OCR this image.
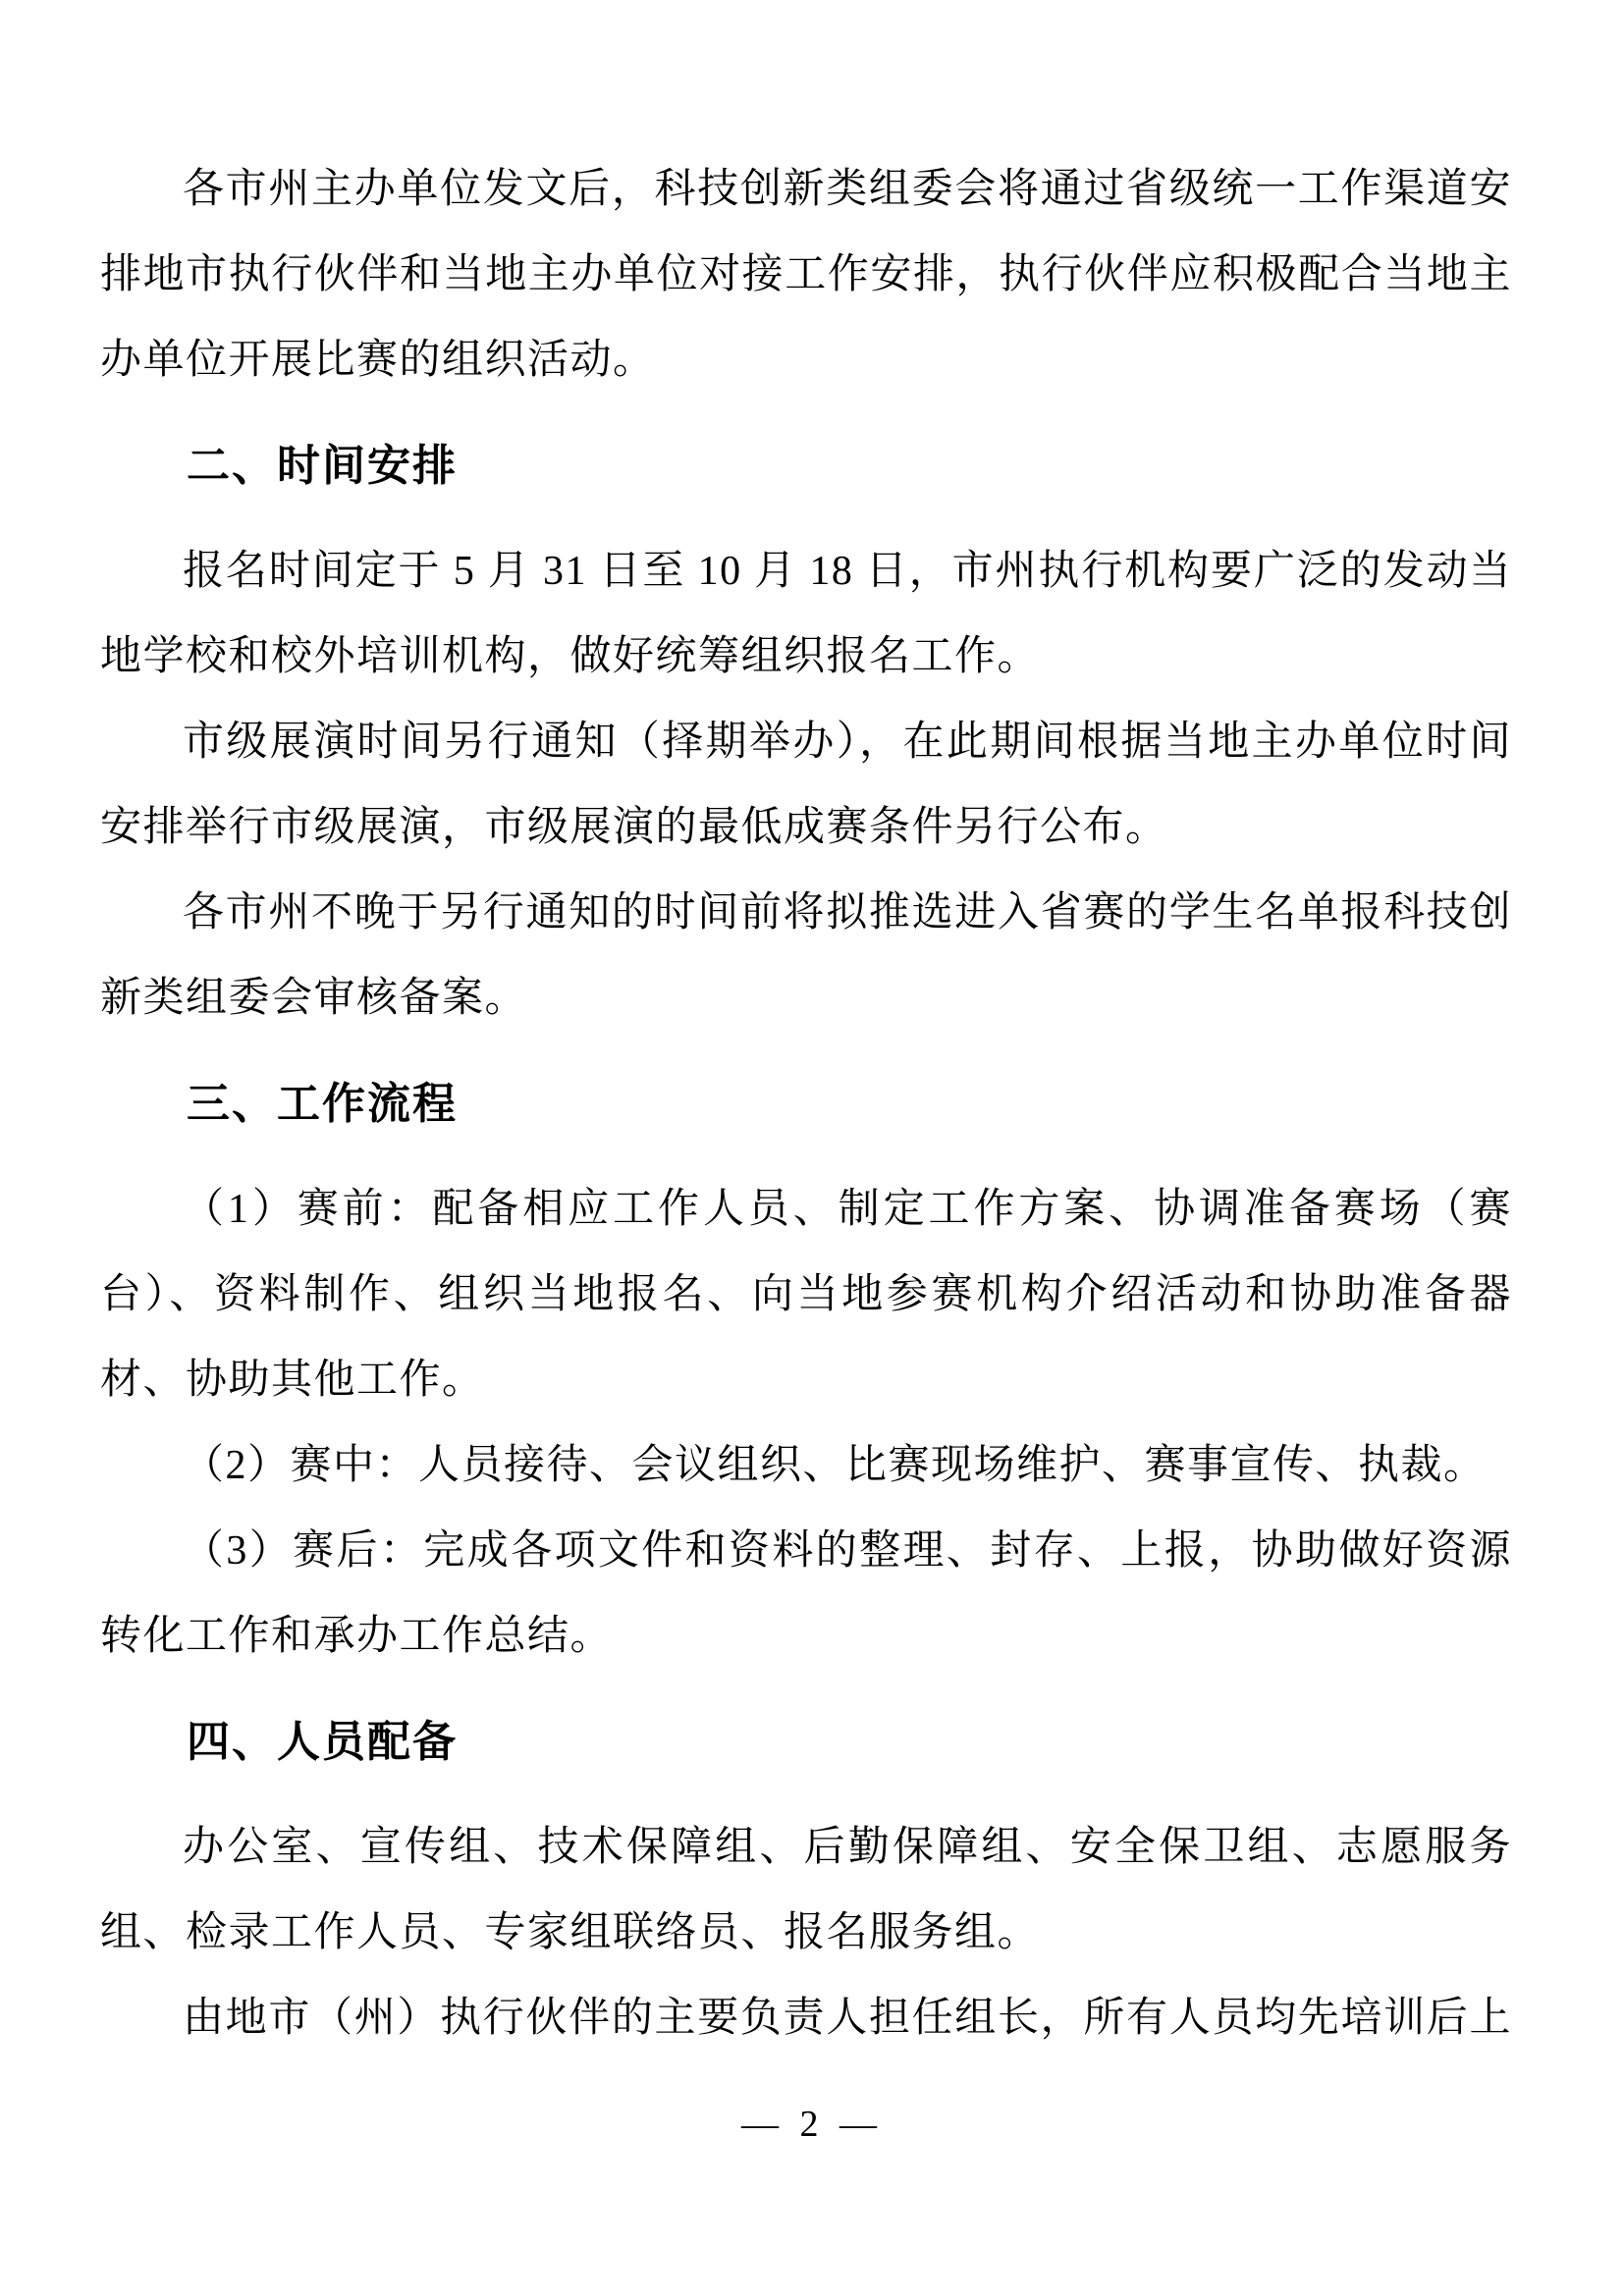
各市州主办单位发文后，科技创新类组委会将通过省级统一工作渠道安排地市执行伙伴和当地主办单位对接工作安排，执行伙伴应积极配合当地主办单位开展比赛的组织活动。

二、时间安排

报名时间定于 5 月 31 日至 10 月 18 日，市州执行机构要广泛的发动当地学校和校外培训机构，做好统筹组织报名工作。

市级展演时间另行通知（择期举办），在此期间根据当地主办单位时间安排举行市级展演，市级展演的最低成赛条件另行公布。

各市州不晚于另行通知的时间前将拟推选进入省赛的学生名单报科技创新类组委会审核备案。

三、工作流程

（1）赛前：配备相应工作人员、制定工作方案、协调准备赛场（赛台）、资料制作、组织当地报名、向当地参赛机构介绍活动和协助准备器材、协助其他工作。

（2）赛中：人员接待、会议组织、比赛现场维护、赛事宣传、执裁。

（3）赛后：完成各项文件和资料的整理、封存、上报，协助做好资源转化工作和承办工作总结。

四、人员配备

办公室、宣传组、技术保障组、后勤保障组、安全保卫组、志愿服务组、检录工作人员、专家组联络员、报名服务组。

由地市（州）执行伙伴的主要负责人担任组长，所有人员均先培训后上

— 2 —
